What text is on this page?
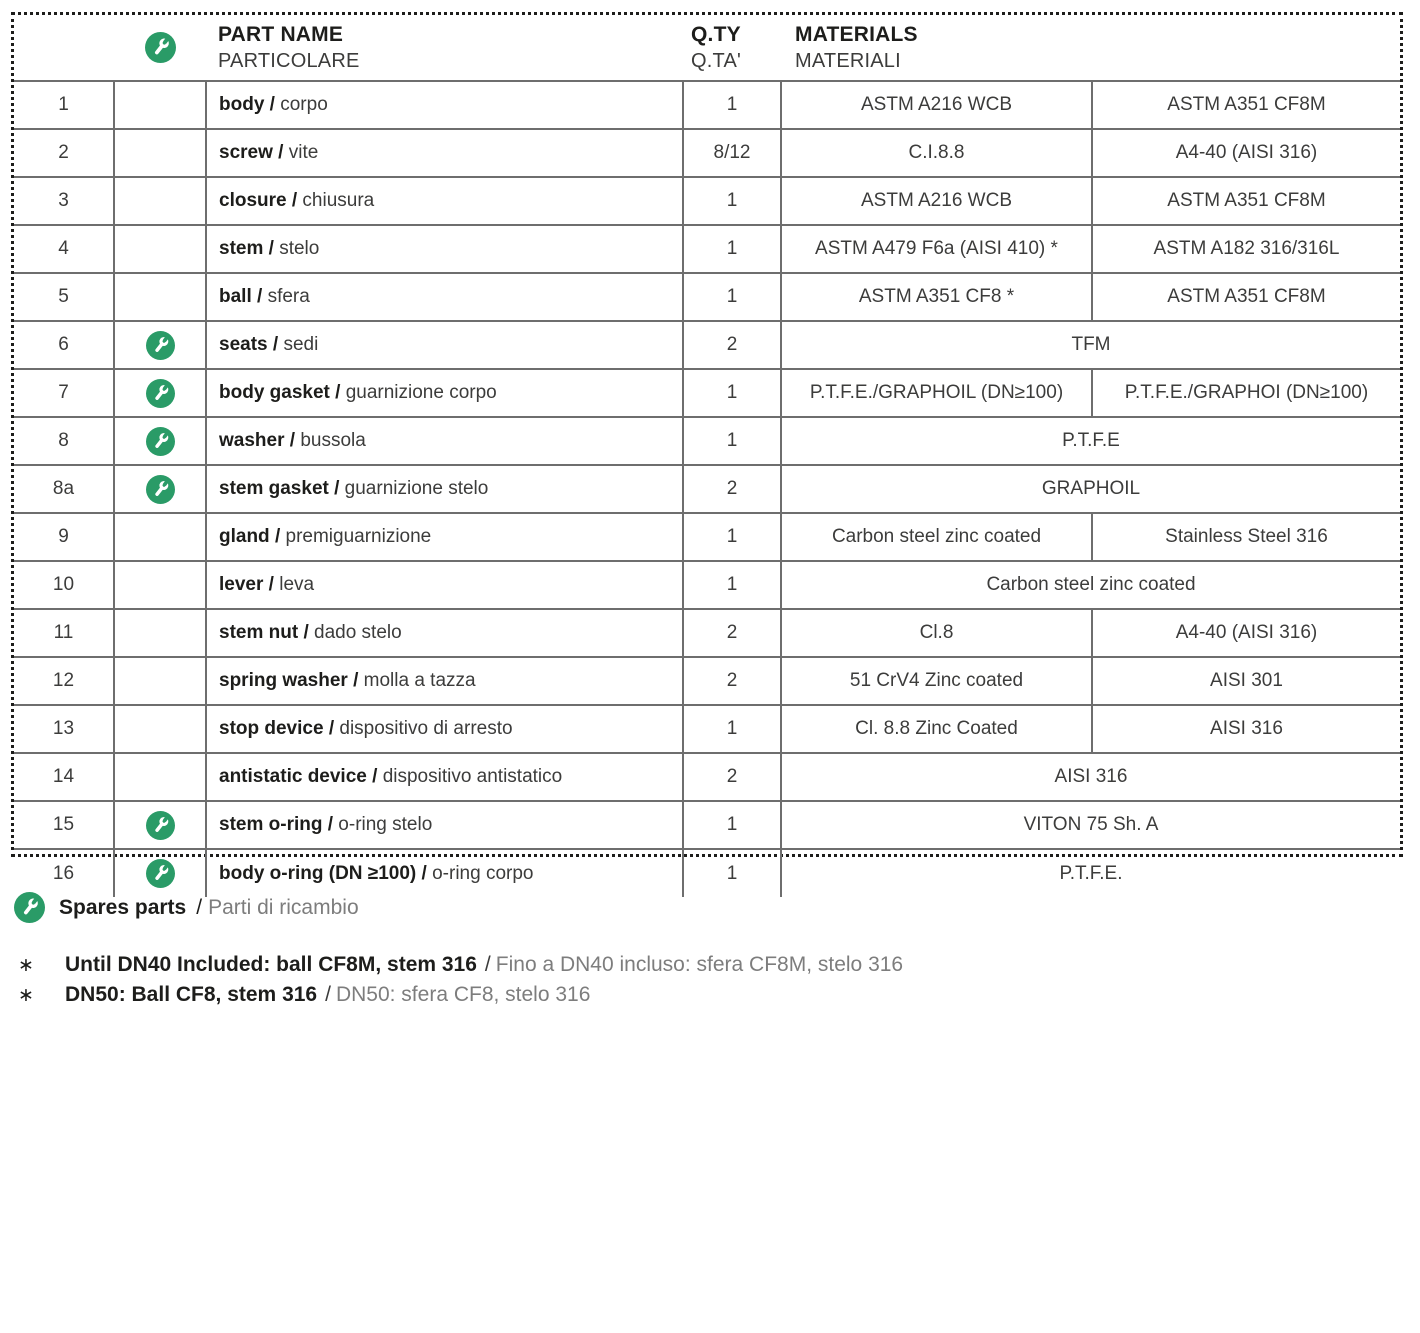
PART NAME
PARTICOLARE

Q.TY
Q.TA'

MATERIALS
MATERIALI

1		body / corpo	1	ASTM A216 WCB	ASTM A351 CF8M
2		screw / vite	8/12	C.I.8.8	A4-40 (AISI 316)
3		closure / chiusura	1	ASTM A216 WCB	ASTM A351 CF8M
4		stem / stelo	1	ASTM A479 F6a (AISI 410) *	ASTM A182 316/316L
5		ball / sfera	1	ASTM A351 CF8 *	ASTM A351 CF8M
6		seats / sedi	2	TFM	
7		body gasket / guarnizione corpo	1	P.T.F.E./GRAPHOIL (DN≥100)	P.T.F.E./GRAPHOI (DN≥100)
8		washer / bussola	1	P.T.F.E	
8a		stem gasket / guarnizione stelo	2	GRAPHOIL	
9		gland / premiguarnizione	1	Carbon steel zinc coated	Stainless Steel 316
10		lever / leva	1	Carbon steel zinc coated	
11		stem nut / dado stelo	2	Cl.8	A4-40 (AISI 316)
12		spring washer / molla a tazza	2	51 CrV4 Zinc coated	AISI 301
13		stop device / dispositivo di arresto	1	Cl. 8.8 Zinc Coated	AISI 316
14		antistatic device / dispositivo antistatico	2	AISI 316	
15		stem o-ring / o-ring stelo	1	VITON 75 Sh. A	
16		body o-ring (DN ≥100) / o-ring corpo	1	P.T.F.E.	
Spares parts / Parti di ricambio
∗	Until DN40 Included: ball CF8M, stem 316 / Fino a DN40 incluso: sfera CF8M, stelo 316
∗	DN50: Ball CF8, stem 316 / DN50: sfera CF8, stelo 316
